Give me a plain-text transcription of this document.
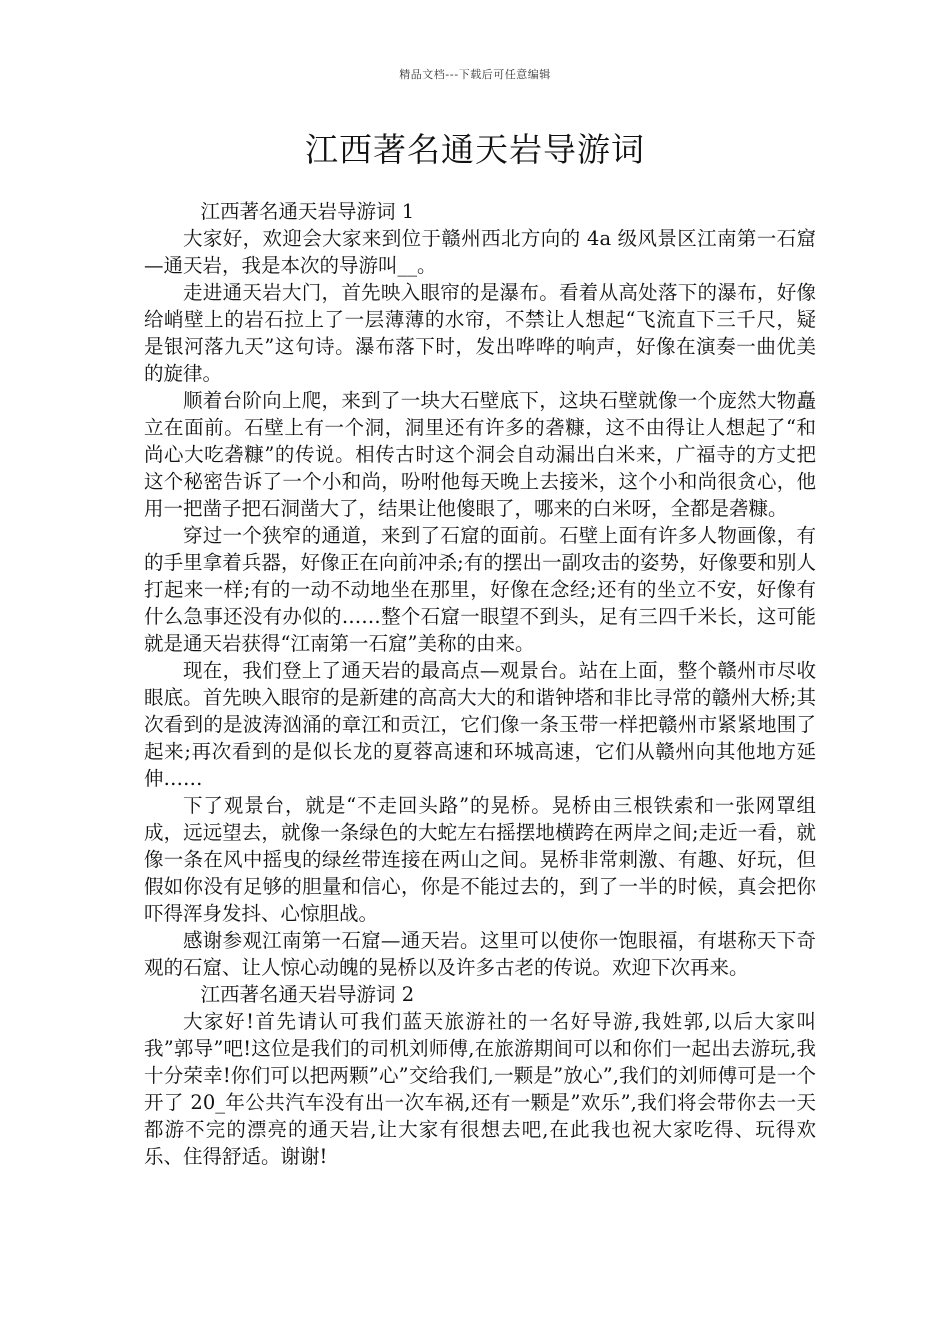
精品文档---下载后可任意编辑
江西著名通天岩导游词

江西著名通天岩导游词 1

大家好，欢迎会大家来到位于赣州西北方向的 4a 级风景区江南第一石窟—通天岩，我是本次的导游叫__。

走进通天岩大门，首先映入眼帘的是瀑布。看着从高处落下的瀑布，好像给峭壁上的岩石拉上了一层薄薄的水帘，不禁让人想起“飞流直下三千尺，疑是银河落九天”这句诗。瀑布落下时，发出哗哗的响声，好像在演奏一曲优美的旋律。

顺着台阶向上爬，来到了一块大石壁底下，这块石壁就像一个庞然大物矗立在面前。石壁上有一个洞，洞里还有许多的砻糠，这不由得让人想起了“和尚心大吃砻糠”的传说。相传古时这个洞会自动漏出白米来，广福寺的方丈把这个秘密告诉了一个小和尚，吩咐他每天晚上去接米，这个小和尚很贪心，他用一把凿子把石洞凿大了，结果让他傻眼了，哪来的白米呀，全都是砻糠。

穿过一个狭窄的通道，来到了石窟的面前。石壁上面有许多人物画像，有的手里拿着兵器，好像正在向前冲杀;有的摆出一副攻击的姿势，好像要和别人打起来一样;有的一动不动地坐在那里，好像在念经;还有的坐立不安，好像有什么急事还没有办似的……整个石窟一眼望不到头，足有三四千米长，这可能就是通天岩获得“江南第一石窟”美称的由来。

现在，我们登上了通天岩的最高点—观景台。站在上面，整个赣州市尽收眼底。首先映入眼帘的是新建的高高大大的和谐钟塔和非比寻常的赣州大桥;其次看到的是波涛汹涌的章江和贡江，它们像一条玉带一样把赣州市紧紧地围了起来;再次看到的是似长龙的夏蓉高速和环城高速，它们从赣州向其他地方延伸……

下了观景台，就是“不走回头路”的晃桥。晃桥由三根铁索和一张网罩组成，远远望去，就像一条绿色的大蛇左右摇摆地横跨在两岸之间;走近一看，就像一条在风中摇曳的绿丝带连接在两山之间。晃桥非常刺激、有趣、好玩，但假如你没有足够的胆量和信心，你是不能过去的，到了一半的时候，真会把你吓得浑身发抖、心惊胆战。

感谢参观江南第一石窟—通天岩。这里可以使你一饱眼福，有堪称天下奇观的石窟、让人惊心动魄的晃桥以及许多古老的传说。欢迎下次再来。

江西著名通天岩导游词 2

大家好!首先请认可我们蓝天旅游社的一名好导游,我姓郭,以后大家叫我”郭导”吧!这位是我们的司机刘师傅,在旅游期间可以和你们一起出去游玩,我十分荣幸!你们可以把两颗”心”交给我们,一颗是”放心”,我们的刘师傅可是一个开了 20_年公共汽车没有出一次车祸,还有一颗是”欢乐”,我们将会带你去一天都游不完的漂亮的通天岩,让大家有很想去吧,在此我也祝大家吃得、玩得欢乐、住得舒适。谢谢!
